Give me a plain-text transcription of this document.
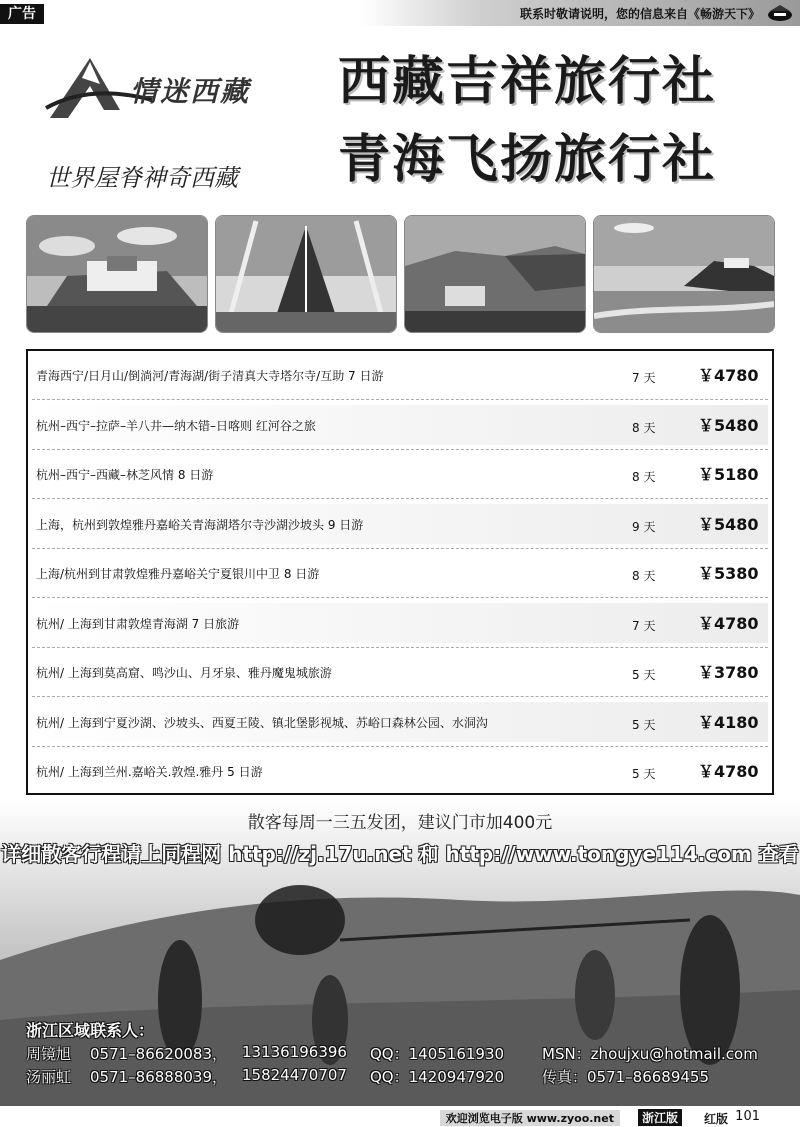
广告	联系时敬请说明，您的信息来自《畅游天下》
情迷西藏
世界屋脊神奇西藏
西藏吉祥旅行社
青海飞扬旅行社
青海西宁/日月山/倒淌河/青海湖/街子清真大寺塔尔寺/互助 7 日游	7 天	￥4780
杭州–西宁–拉萨–羊八井—纳木错–日喀则 红河谷之旅	8 天	￥5480
杭州–西宁–西藏–林芝风情 8 日游	8 天	￥5180
上海，杭州到敦煌雅丹嘉峪关青海湖塔尔寺沙湖沙坡头 9 日游	9 天	￥5480
上海/杭州到甘肃敦煌雅丹嘉峪关宁夏银川中卫 8 日游	8 天	￥5380
杭州/ 上海到甘肃敦煌青海湖 7 日旅游	7 天	￥4780
杭州/ 上海到莫高窟、鸣沙山、月牙泉、雅丹魔鬼城旅游	5 天	￥3780
杭州/ 上海到宁夏沙湖、沙坡头、西夏王陵、镇北堡影视城、苏峪口森林公园、水洞沟	5 天	￥4180
杭州/ 上海到兰州.嘉峪关.敦煌.雅丹 5 日游	5 天	￥4780
散客每周一三五发团，建议门市加400元
详细散客行程请上同程网 http://zj.17u.net 和 http://www.tongye114.com 查看
浙江区域联系人：
周镜旭 0571–86620083， 13136196396 QQ：1405161930	MSN：zhoujxu@hotmail.com
汤丽虹 0571–86888039， 15824470707 QQ：1420947920	传真：0571–86689455
欢迎浏览电子版 www.zyoo.net	浙江版	红版 101
